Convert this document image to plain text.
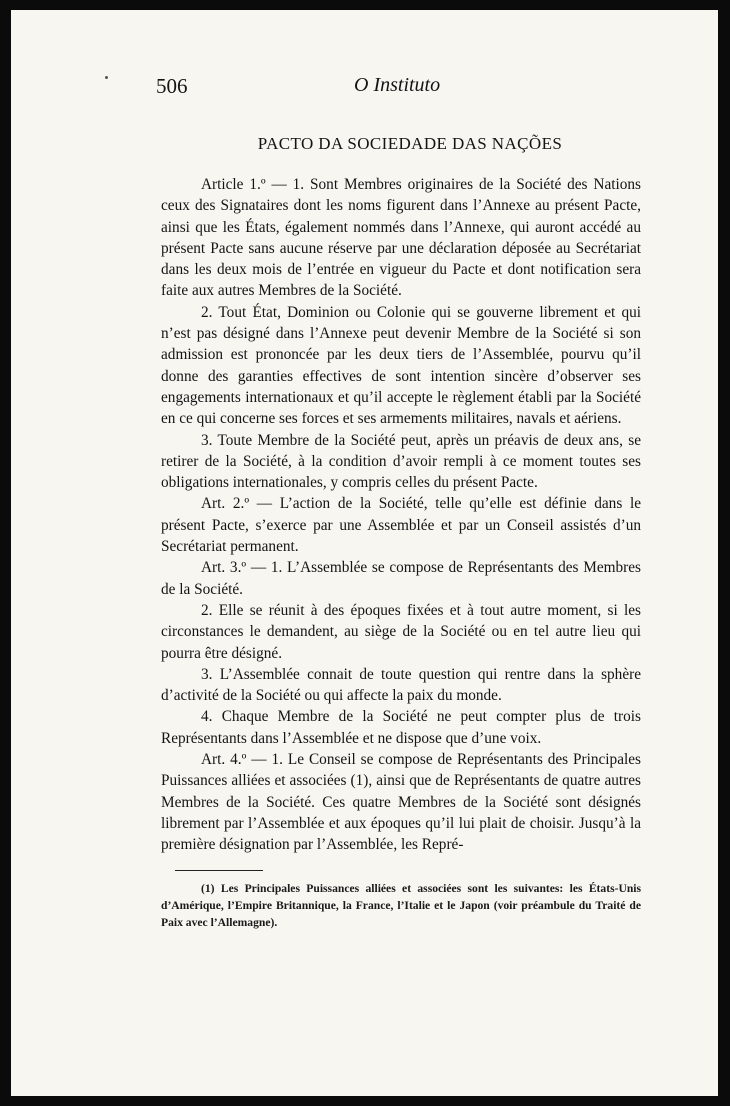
506	O Instituto
PACTO DA SOCIEDADE DAS NAÇÕES

Article 1.º — 1. Sont Membres originaires de la Société des Nations ceux des Signataires dont les noms figurent dans l’Annexe au présent Pacte, ainsi que les États, également nommés dans l’Annexe, qui auront accédé au présent Pacte sans aucune réserve par une déclaration déposée au Secrétariat dans les deux mois de l’entrée en vigueur du Pacte et dont notification sera faite aux autres Membres de la Société.

2. Tout État, Dominion ou Colonie qui se gouverne librement et qui n’est pas désigné dans l’Annexe peut devenir Membre de la Société si son admission est prononcée par les deux tiers de l’Assemblée, pourvu qu’il donne des garanties effectives de sont intention sincère d’observer ses engagements internationaux et qu’il accepte le règlement établi par la Société en ce qui concerne ses forces et ses armements militaires, navals et aériens.

3. Toute Membre de la Société peut, après un préavis de deux ans, se retirer de la Société, à la condition d’avoir rempli à ce moment toutes ses obligations internationales, y compris celles du présent Pacte.

Art. 2.º — L’action de la Société, telle qu’elle est définie dans le présent Pacte, s’exerce par une Assemblée et par un Conseil assistés d’un Secrétariat permanent.

Art. 3.º — 1. L’Assemblée se compose de Représentants des Membres de la Société.

2. Elle se réunit à des époques fixées et à tout autre moment, si les circonstances le demandent, au siège de la Société ou en tel autre lieu qui pourra être désigné.

3. L’Assemblée connait de toute question qui rentre dans la sphère d’activité de la Société ou qui affecte la paix du monde.

4. Chaque Membre de la Société ne peut compter plus de trois Représentants dans l’Assemblée et ne dispose que d’une voix.

Art. 4.º — 1. Le Conseil se compose de Représentants des Principales Puissances alliées et associées (1), ainsi que de Représentants de quatre autres Membres de la Société. Ces quatre Membres de la Société sont désignés librement par l’Assemblée et aux époques qu’il lui plait de choisir. Jusqu’à la première désignation par l’Assemblée, les Repré-

(1) Les Principales Puissances alliées et associées sont les suivantes: les États-Unis d’Amérique, l’Empire Britannique, la France, l’Italie et le Japon (voir préambule du Traité de Paix avec l’Allemagne).
